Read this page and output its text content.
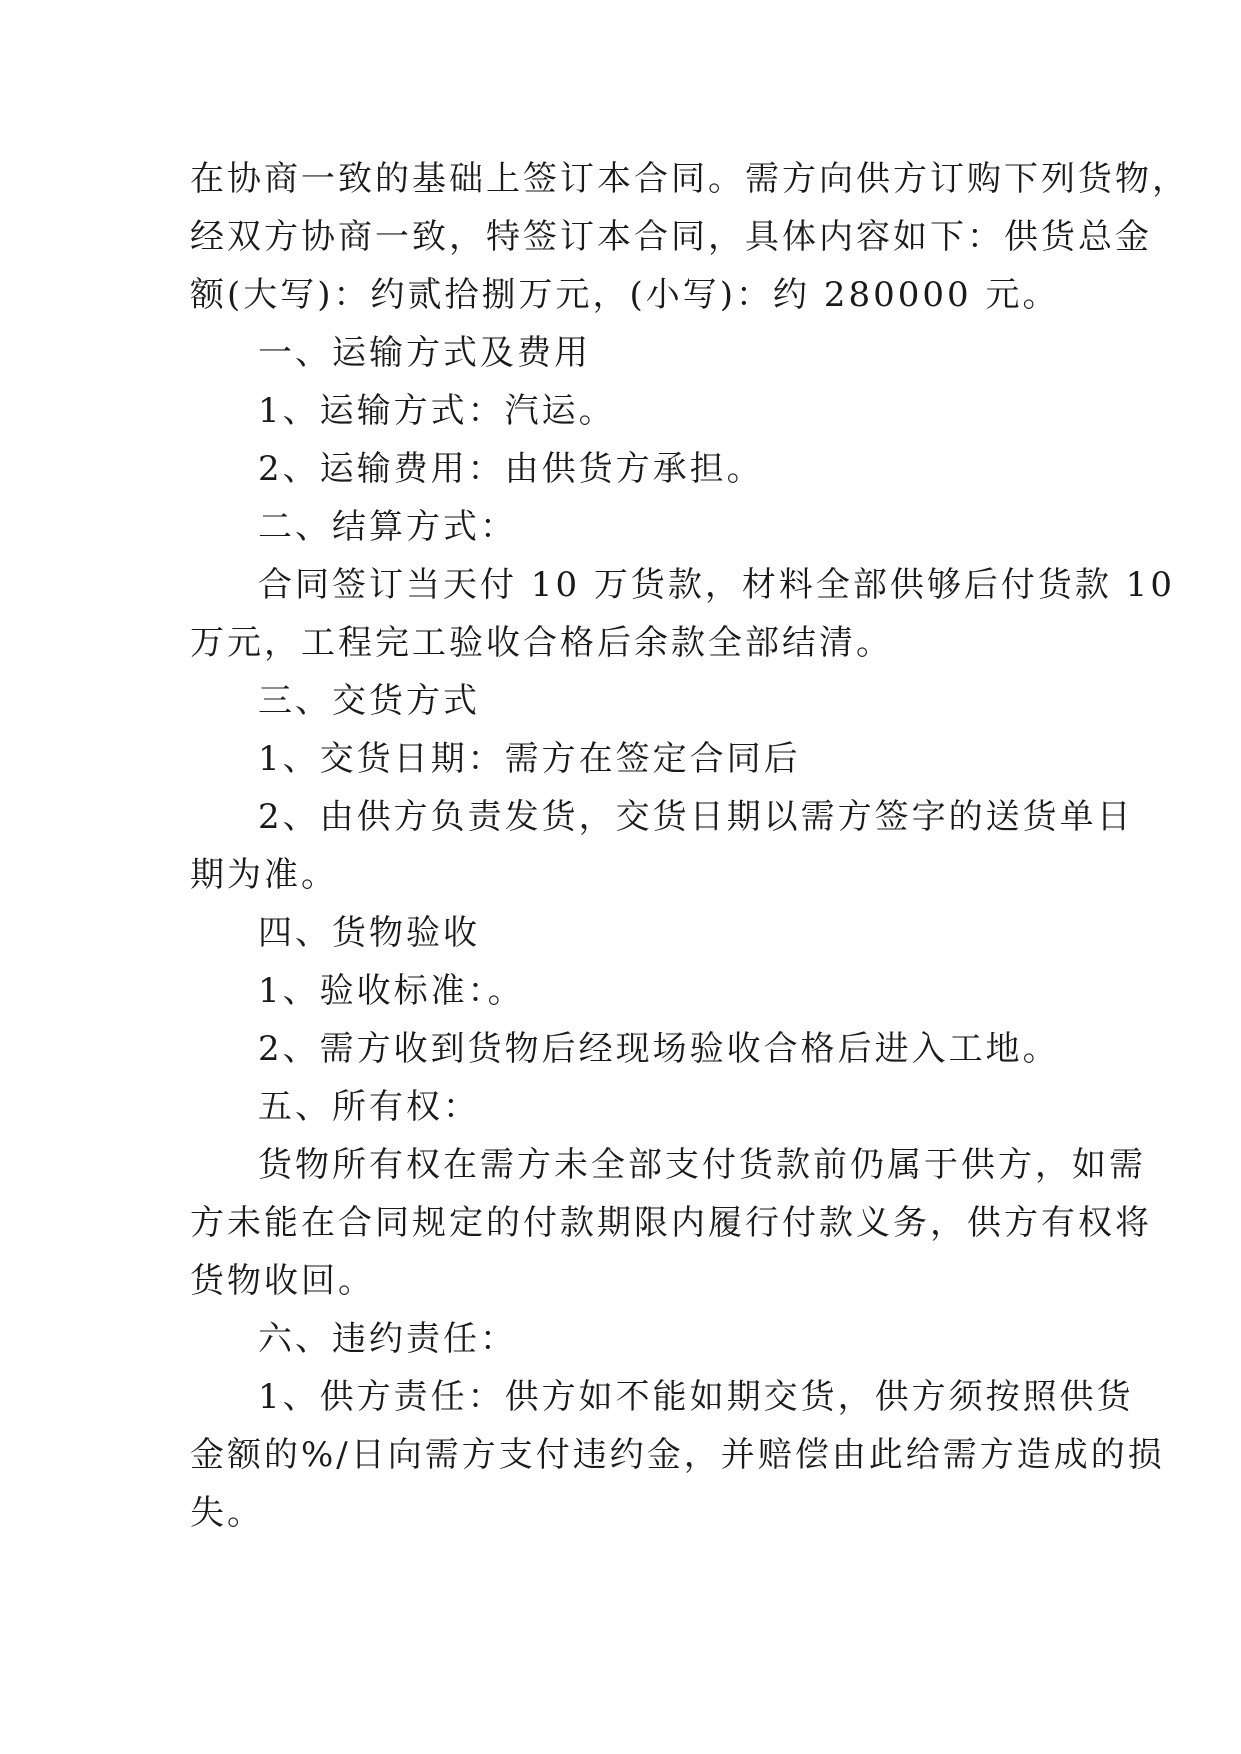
在协商一致的基础上签订本合同。需方向供方订购下列货物，
经双方协商一致，特签订本合同，具体内容如下：供货总金
额(大写)：约贰拾捌万元，(小写)：约 280000 元。
一、运输方式及费用
1、运输方式：汽运。
2、运输费用：由供货方承担。
二、结算方式：
合同签订当天付 10 万货款，材料全部供够后付货款 10
万元，工程完工验收合格后余款全部结清。
三、交货方式
1、交货日期：需方在签定合同后
2、由供方负责发货，交货日期以需方签字的送货单日
期为准。
四、货物验收
1、验收标准：。
2、需方收到货物后经现场验收合格后进入工地。
五、所有权：
货物所有权在需方未全部支付货款前仍属于供方，如需
方未能在合同规定的付款期限内履行付款义务，供方有权将
货物收回。
六、违约责任：
1、供方责任：供方如不能如期交货，供方须按照供货
金额的%/日向需方支付违约金，并赔偿由此给需方造成的损
失。
